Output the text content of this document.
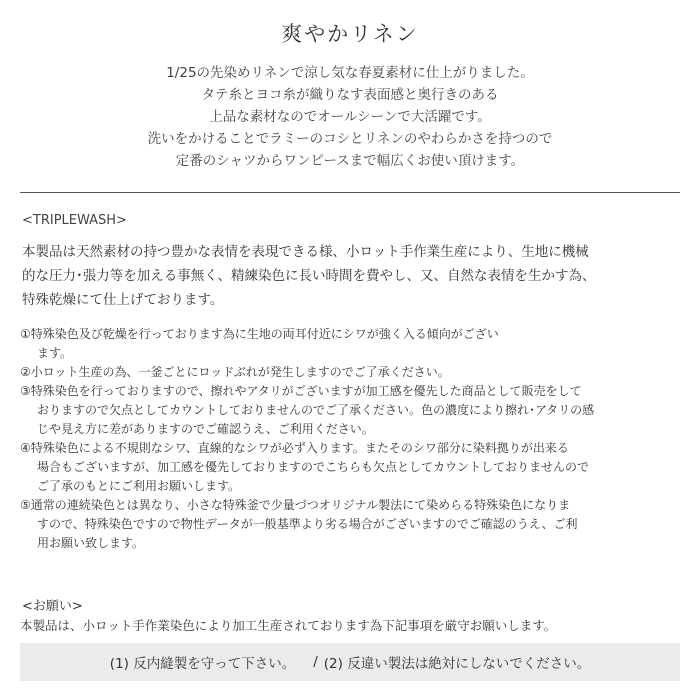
爽やかリネン
1/25の先染めリネンで涼し気な春夏素材に仕上がりました。
タテ糸とヨコ糸が織りなす表面感と奥行きのある
上品な素材なのでオールシーンで大活躍です。
洗いをかけることでラミーのコシとリネンのやわらかさを持つので
定番のシャツからワンピースまで幅広くお使い頂けます。
<TRIPLEWASH>
本製品は天然素材の持つ豊かな表情を表現できる様、小ロット手作業生産により、生地に機械
的な圧力･張力等を加える事無く、精練染色に長い時間を費やし、又、自然な表情を生かす為、
特殊乾燥にて仕上げております。
①特殊染色及び乾燥を行っております為に生地の両耳付近にシワが強く入る傾向がござい
ます。
②小ロット生産の為、一釜ごとにロッドぶれが発生しますのでご了承ください。
③特殊染色を行っておりますので、擦れやアタリがございますが加工感を優先した商品として販売をして
おりますので欠点としてカウントしておりませんのでご了承ください。色の濃度により擦れ･アタリの感
じや見え方に差がありますのでご確認うえ、ご利用ください。
④特殊染色による不規則なシワ、直線的なシワが必ず入ります。またそのシワ部分に染料拠りが出来る
場合もございますが、加工感を優先しておりますのでこちらも欠点としてカウントしておりませんので
ご了承のもとにご利用お願いします。
⑤通常の連続染色とは異なり、小さな特殊釜で少量づつオリジナル製法にて染めらる特殊染色になりま
すので、特殊染色ですので物性データが一般基準より劣る場合がございますのでご確認のうえ、ご利
用お願い致します。
<お願い>
本製品は、小ロット手作業染色により加工生産されております為下記事項を厳守お願いします。
(1) 反内縫製を守って下さい。 / (2) 反違い製法は絶対にしないでください。
